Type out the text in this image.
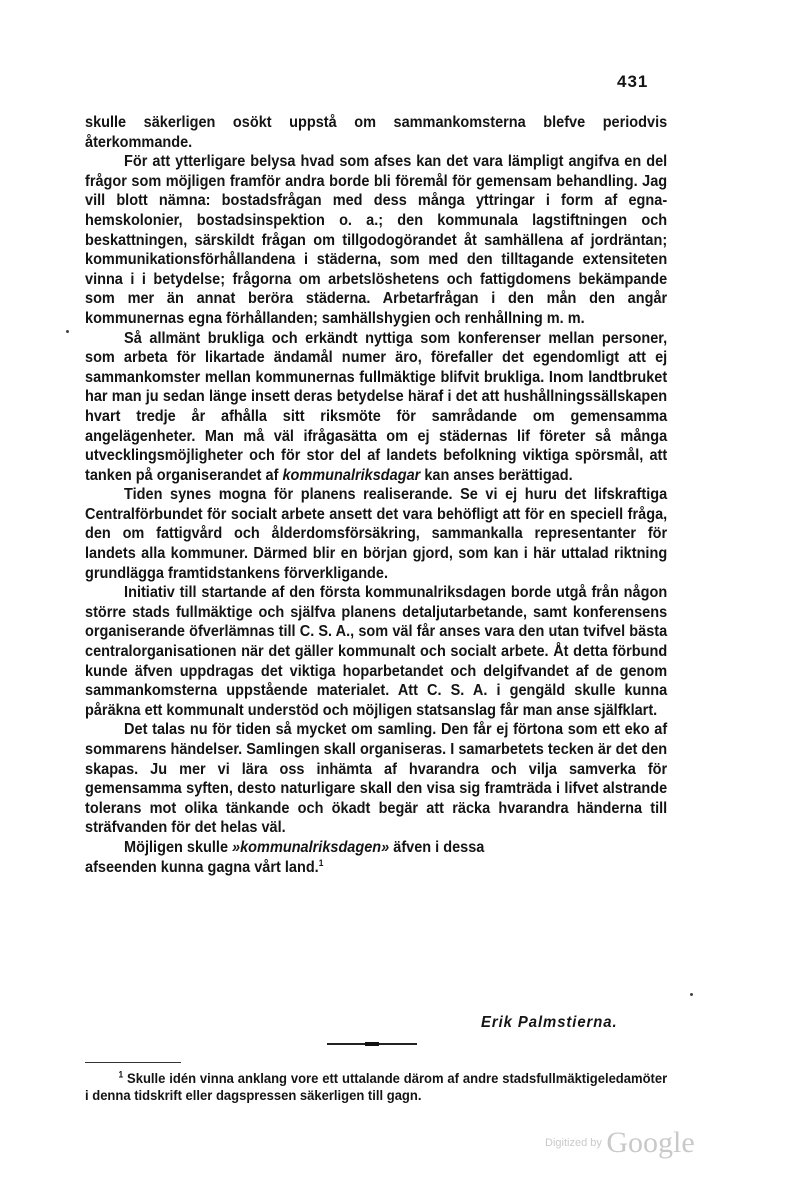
431

skulle säkerligen osökt uppstå om sammankomsterna blefve periodvis återkommande.

För att ytterligare belysa hvad som afses kan det vara lämpligt angifva en del frågor som möjligen framför andra borde bli föremål för gemensam behandling. Jag vill blott nämna: bostadsfrågan med dess många yttringar i form af egna-hemskolonier, bostadsinspektion o. a.; den kommunala lagstiftningen och beskattningen, särskildt frågan om tillgodogörandet åt samhällena af jordräntan; kommunikationsförhållandena i städerna, som med den tilltagande extensiteten vinna i i betydelse; frågorna om arbetslöshetens och fattigdomens bekämpande som mer än annat beröra städerna. Arbetarfrågan i den mån den angår kommunernas egna förhållanden; samhällshygien och renhållning m. m.

Så allmänt brukliga och erkändt nyttiga som konferenser mellan personer, som arbeta för likartade ändamål numer äro, förefaller det egendomligt att ej sammankomster mellan kommunernas fullmäktige blifvit brukliga. Inom landtbruket har man ju sedan länge insett deras betydelse häraf i det att hushållningssällskapen hvart tredje år afhålla sitt riksmöte för samrådande om gemensamma angelägenheter. Man må väl ifrågasätta om ej städernas lif företer så många utvecklingsmöjligheter och för stor del af landets befolkning viktiga spörsmål, att tanken på organiserandet af kommunalriksdagar kan anses berättigad.

Tiden synes mogna för planens realiserande. Se vi ej huru det lifskraftiga Centralförbundet för socialt arbete ansett det vara behöfligt att för en speciell fråga, den om fattigvård och ålderdomsförsäkring, sammankalla representanter för landets alla kommuner. Därmed blir en början gjord, som kan i här uttalad riktning grundlägga framtidstankens förverkligande.

Initiativ till startande af den första kommunalriksdagen borde utgå från någon större stads fullmäktige och själfva planens detaljutarbetande, samt konferensens organiserande öfverlämnas till C. S. A., som väl får anses vara den utan tvifvel bästa centralorganisationen när det gäller kommunalt och socialt arbete. Åt detta förbund kunde äfven uppdragas det viktiga hoparbetandet och delgifvandet af de genom sammankomsterna uppstående materialet. Att C. S. A. i gengäld skulle kunna påräkna ett kommunalt understöd och möjligen statsanslag får man anse själfklart.

Det talas nu för tiden så mycket om samling. Den får ej förtona som ett eko af sommarens händelser. Samlingen skall organiseras. I samarbetets tecken är det den skapas. Ju mer vi lära oss inhämta af hvarandra och vilja samverka för gemensamma syften, desto naturligare skall den visa sig framträda i lifvet alstrande tolerans mot olika tänkande och ökadt begär att räcka hvarandra händerna till sträfvanden för det helas väl.

Möjligen skulle »kommunalriksdagen» äfven i dessa afseenden kunna gagna vårt land.$^1$

Erik Palmstierna.

$^1$ Skulle idén vinna anklang vore ett uttalande därom af andre stadsfullmäktigeledamöter i denna tidskrift eller dagspressen säkerligen till gagn.

Digitized by Google
